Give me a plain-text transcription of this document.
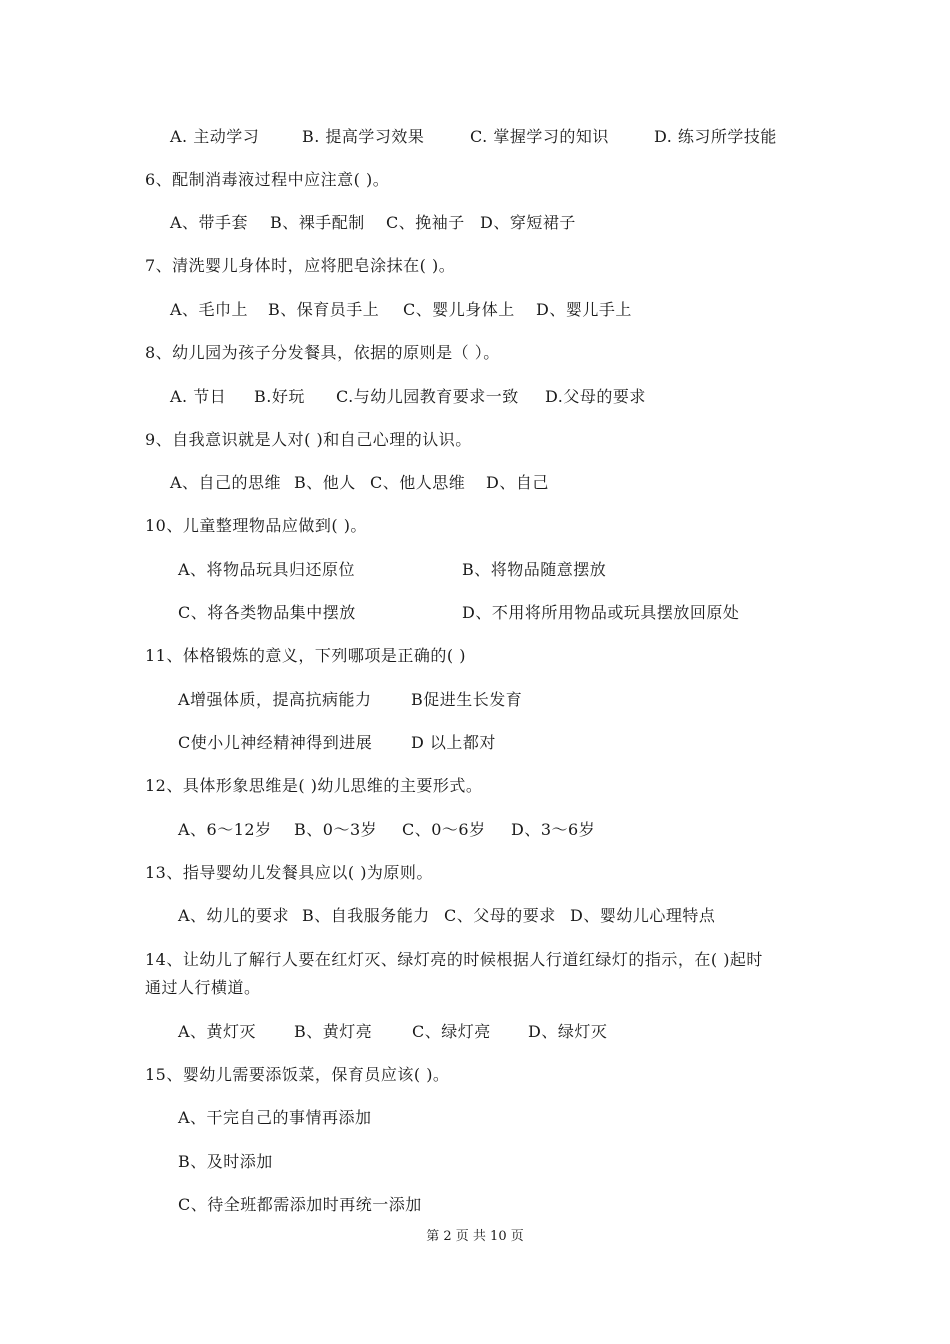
A. 主动学习	B. 提高学习效果	C. 掌握学习的知识	D. 练习所学技能
6、配制消毒液过程中应注意( )。
A、带手套 B、裸手配制 C、挽袖子 D、穿短裙子
7、清洗婴儿身体时，应将肥皂涂抹在( )。
A、毛巾上 B、保育员手上 C、婴儿身体上 D、婴儿手上
8、幼儿园为孩子分发餐具，依据的原则是（ ）。
A. 节日 B.好玩 C.与幼儿园教育要求一致 D.父母的要求
9、自我意识就是人对( )和自己心理的认识。
A、自己的思维 B、他人 C、他人思维 D、自己
10、儿童整理物品应做到( )。
A、将物品玩具归还原位	B、将物品随意摆放
C、将各类物品集中摆放	D、不用将所用物品或玩具摆放回原处
11、体格锻炼的意义，下列哪项是正确的( )
A增强体质，提高抗病能力 B促进生长发育
C使小儿神经精神得到进展 D 以上都对
12、具体形象思维是( )幼儿思维的主要形式。
A、6～12岁 B、0～3岁 C、0～6岁 D、3～6岁
13、指导婴幼儿发餐具应以( )为原则。
A、幼儿的要求 B、自我服务能力 C、父母的要求 D、婴幼儿心理特点
14、让幼儿了解行人要在红灯灭、绿灯亮的时候根据人行道红绿灯的指示，在( )起时
通过人行横道。
A、黄灯灭 B、黄灯亮 C、绿灯亮 D、绿灯灭
15、婴幼儿需要添饭菜，保育员应该( )。
A、干完自己的事情再添加
B、及时添加
C、待全班都需添加时再统一添加
第 2 页 共 10 页
